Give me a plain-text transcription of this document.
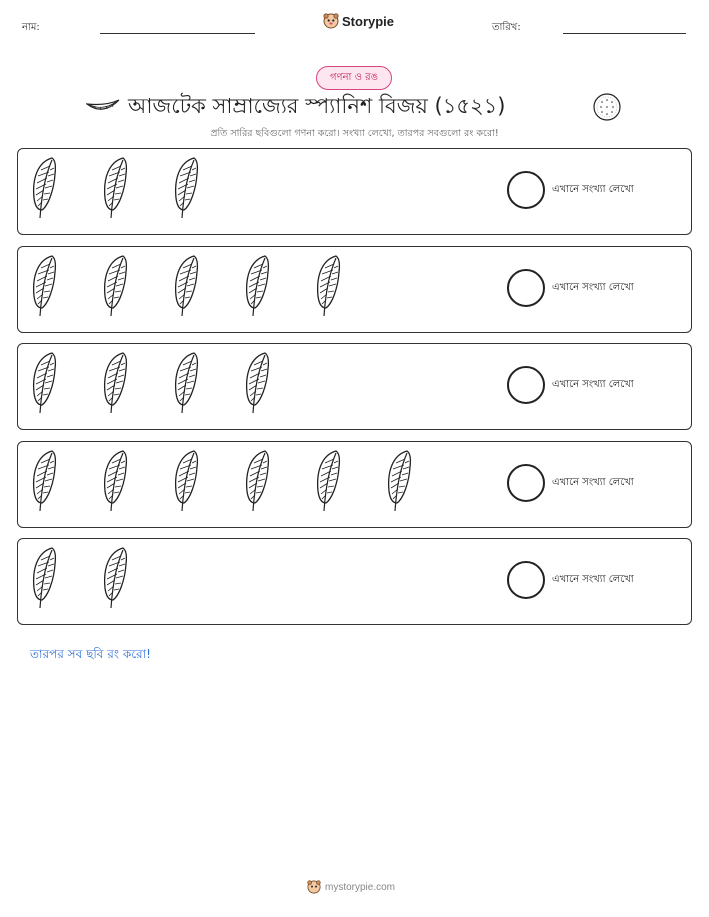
নাম:	Storypie	তারিখ:
গণনা ও রঙ
আজটেক সাম্রাজ্যের স্প্যানিশ বিজয় (১৫২১)
প্রতি সারির ছবিগুলো গণনা করো। সংখ্যা লেখো, তারপর সবগুলো রং করো!
এখানে সংখ্যা লেখো
এখানে সংখ্যা লেখো
এখানে সংখ্যা লেখো
এখানে সংখ্যা লেখো
এখানে সংখ্যা লেখো
তারপর সব ছবি রং করো!
mystorypie.com
